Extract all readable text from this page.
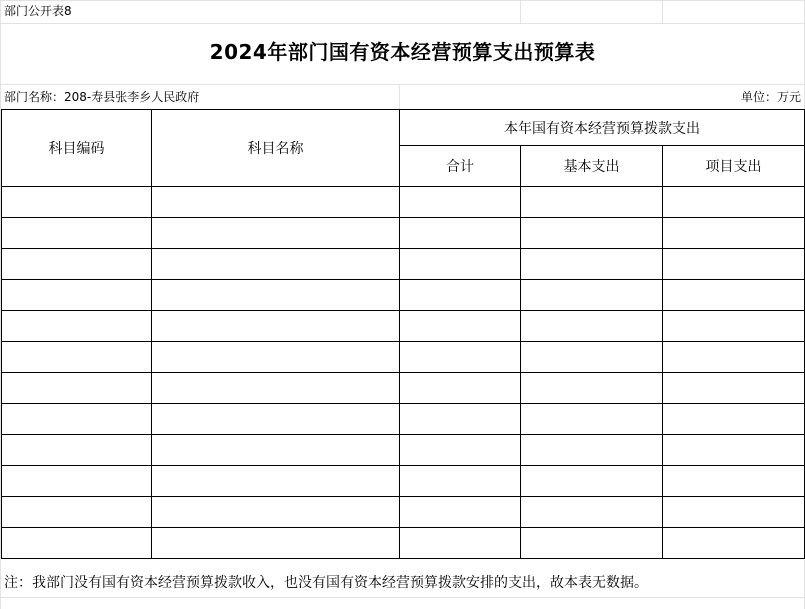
部门公开表8
2024年部门国有资本经营预算支出预算表
部门名称：208-寿县张李乡人民政府	单位：万元
科目编码	科目名称	本年国有资本经营预算拨款支出		
		合计	基本支出	项目支出

注：我部门没有国有资本经营预算拨款收入，也没有国有资本经营预算拨款安排的支出，故本表无数据。
